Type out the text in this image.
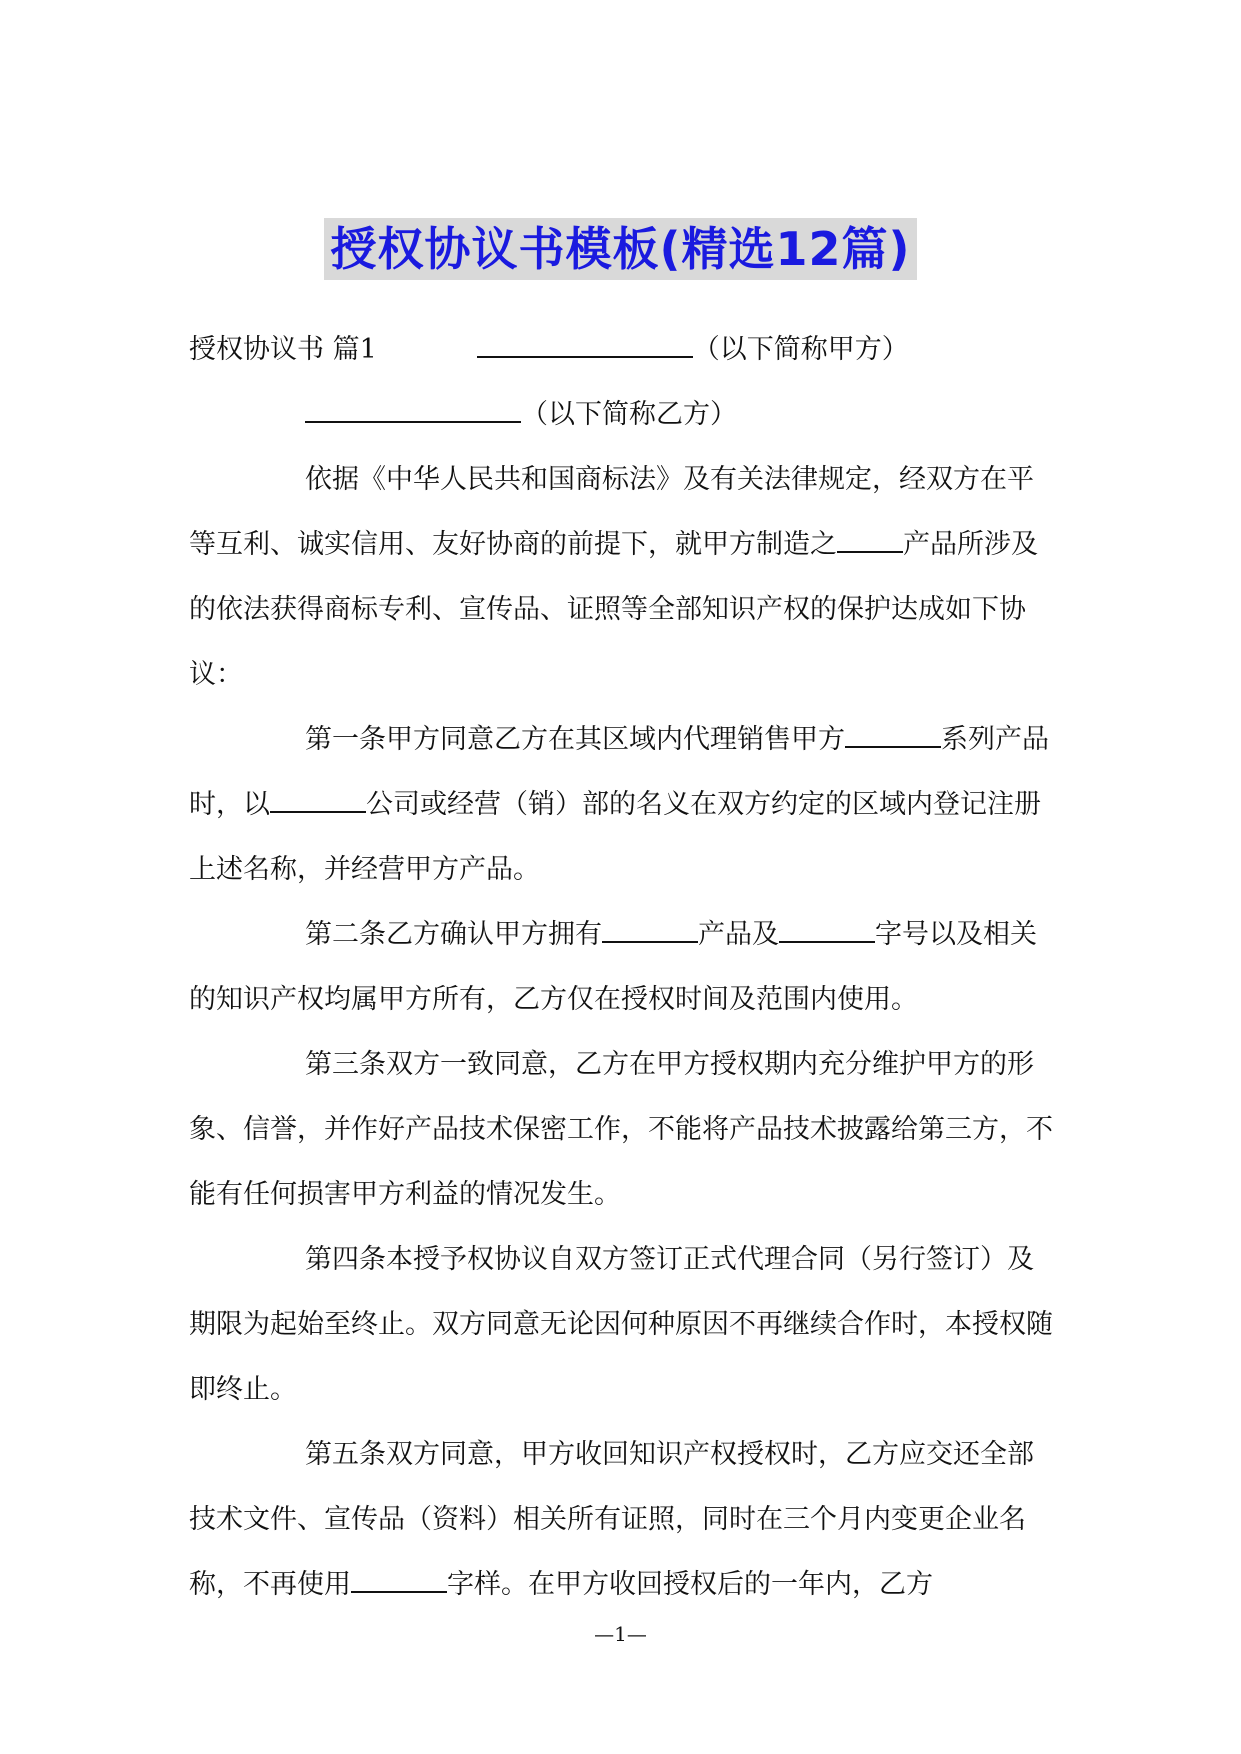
授权协议书模板(精选12篇)
授权协议书 篇1	（以下简称甲方）
（以下简称乙方）

依据《中华人民共和国商标法》及有关法律规定，经双方在平等互利、诚实信用、友好协商的前提下，就甲方制造之 产品所涉及的依法获得商标专利、宣传品、证照等全部知识产权的保护达成如下协议：

第一条甲方同意乙方在其区域内代理销售甲方	系列产品时，以	公司或经营（销）部的名义在双方约定的区域内登记注册上述名称，并经营甲方产品。

第二条乙方确认甲方拥有	产品及	字号以及相关的知识产权均属甲方所有，乙方仅在授权时间及范围内使用。

第三条双方一致同意，乙方在甲方授权期内充分维护甲方的形象、信誉，并作好产品技术保密工作，不能将产品技术披露给第三方，不能有任何损害甲方利益的情况发生。

第四条本授予权协议自双方签订正式代理合同（另行签订）及期限为起始至终止。双方同意无论因何种原因不再继续合作时，本授权随即终止。

第五条双方同意，甲方收回知识产权授权时，乙方应交还全部技术文件、宣传品（资料）相关所有证照，同时在三个月内变更企业名称，不再使用	字样。在甲方收回授权后的一年内，乙方

—1—
